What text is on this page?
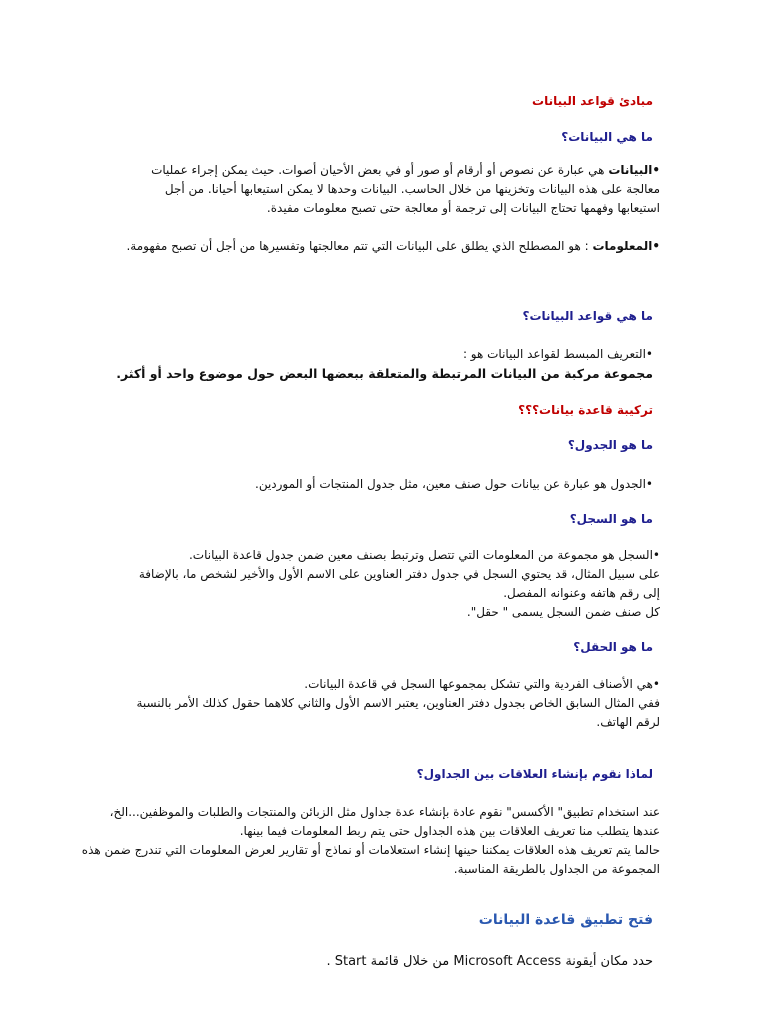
مبادئ قواعد البيانات
ما هي البيانات؟
•البيانات هي عبارة عن نصوص أو أرقام أو صور أو في بعض الأحيان أصوات. حيث يمكن إجراء عمليات معالجة على هذه البيانات وتخزينها من خلال الحاسب. البيانات وحدها لا يمكن استيعابها أحيانا. من أجل استيعابها وفهمها تحتاج البيانات إلى ترجمة أو معالجة حتى تصبح معلومات مفيدة.
•المعلومات : هو المصطلح الذي يطلق على البيانات التي تتم معالجتها وتفسيرها من أجل أن تصبح مفهومة.
ما هي قواعد البيانات؟
•التعريف المبسط لقواعد البيانات هو :
مجموعة مركبة من البيانات المرتبطة والمتعلقة ببعضها البعض حول موضوع واحد أو أكثر.
تركيبة قاعدة بيانات؟؟؟
ما هو الجدول؟
•الجدول هو عبارة عن بيانات حول صنف معين، مثل جدول المنتجات أو الموردين.
ما هو السجل؟
•السجل هو مجموعة من المعلومات التي تتصل وترتبط بصنف معين ضمن جدول قاعدة البيانات.
على سبيل المثال، قد يحتوي السجل في جدول دفتر العناوين على الاسم الأول والأخير لشخص ما، بالإضافة إلى رقم هاتفه وعنوانه المفصل.
كل صنف ضمن السجل يسمى " حقل".
ما هو الحقل؟
•هي الأصناف الفردية والتي تشكل بمجموعها السجل في قاعدة البيانات.
ففي المثال السابق الخاص بجدول دفتر العناوين، يعتبر الاسم الأول والثاني كلاهما حقول كذلك الأمر بالنسبة لرقم الهاتف.
لماذا نقوم بإنشاء العلاقات بين الجداول؟
عند استخدام تطبيق" الأكسس" نقوم عادة بإنشاء عدة جداول مثل الزبائن والمنتجات والطلبات والموظفين...الخ،
عندها يتطلب منا تعريف العلاقات بين هذه الجداول حتى يتم ربط المعلومات فيما بينها.
حالما يتم تعريف هذه العلاقات يمكننا حينها إنشاء استعلامات أو نماذج أو تقارير لعرض المعلومات التي تندرج ضمن هذه المجموعة من الجداول بالطريقة المناسبة.
فتح تطبيق قاعدة البيانات
حدد مكان أيقونة Microsoft Access من خلال قائمة Start .
